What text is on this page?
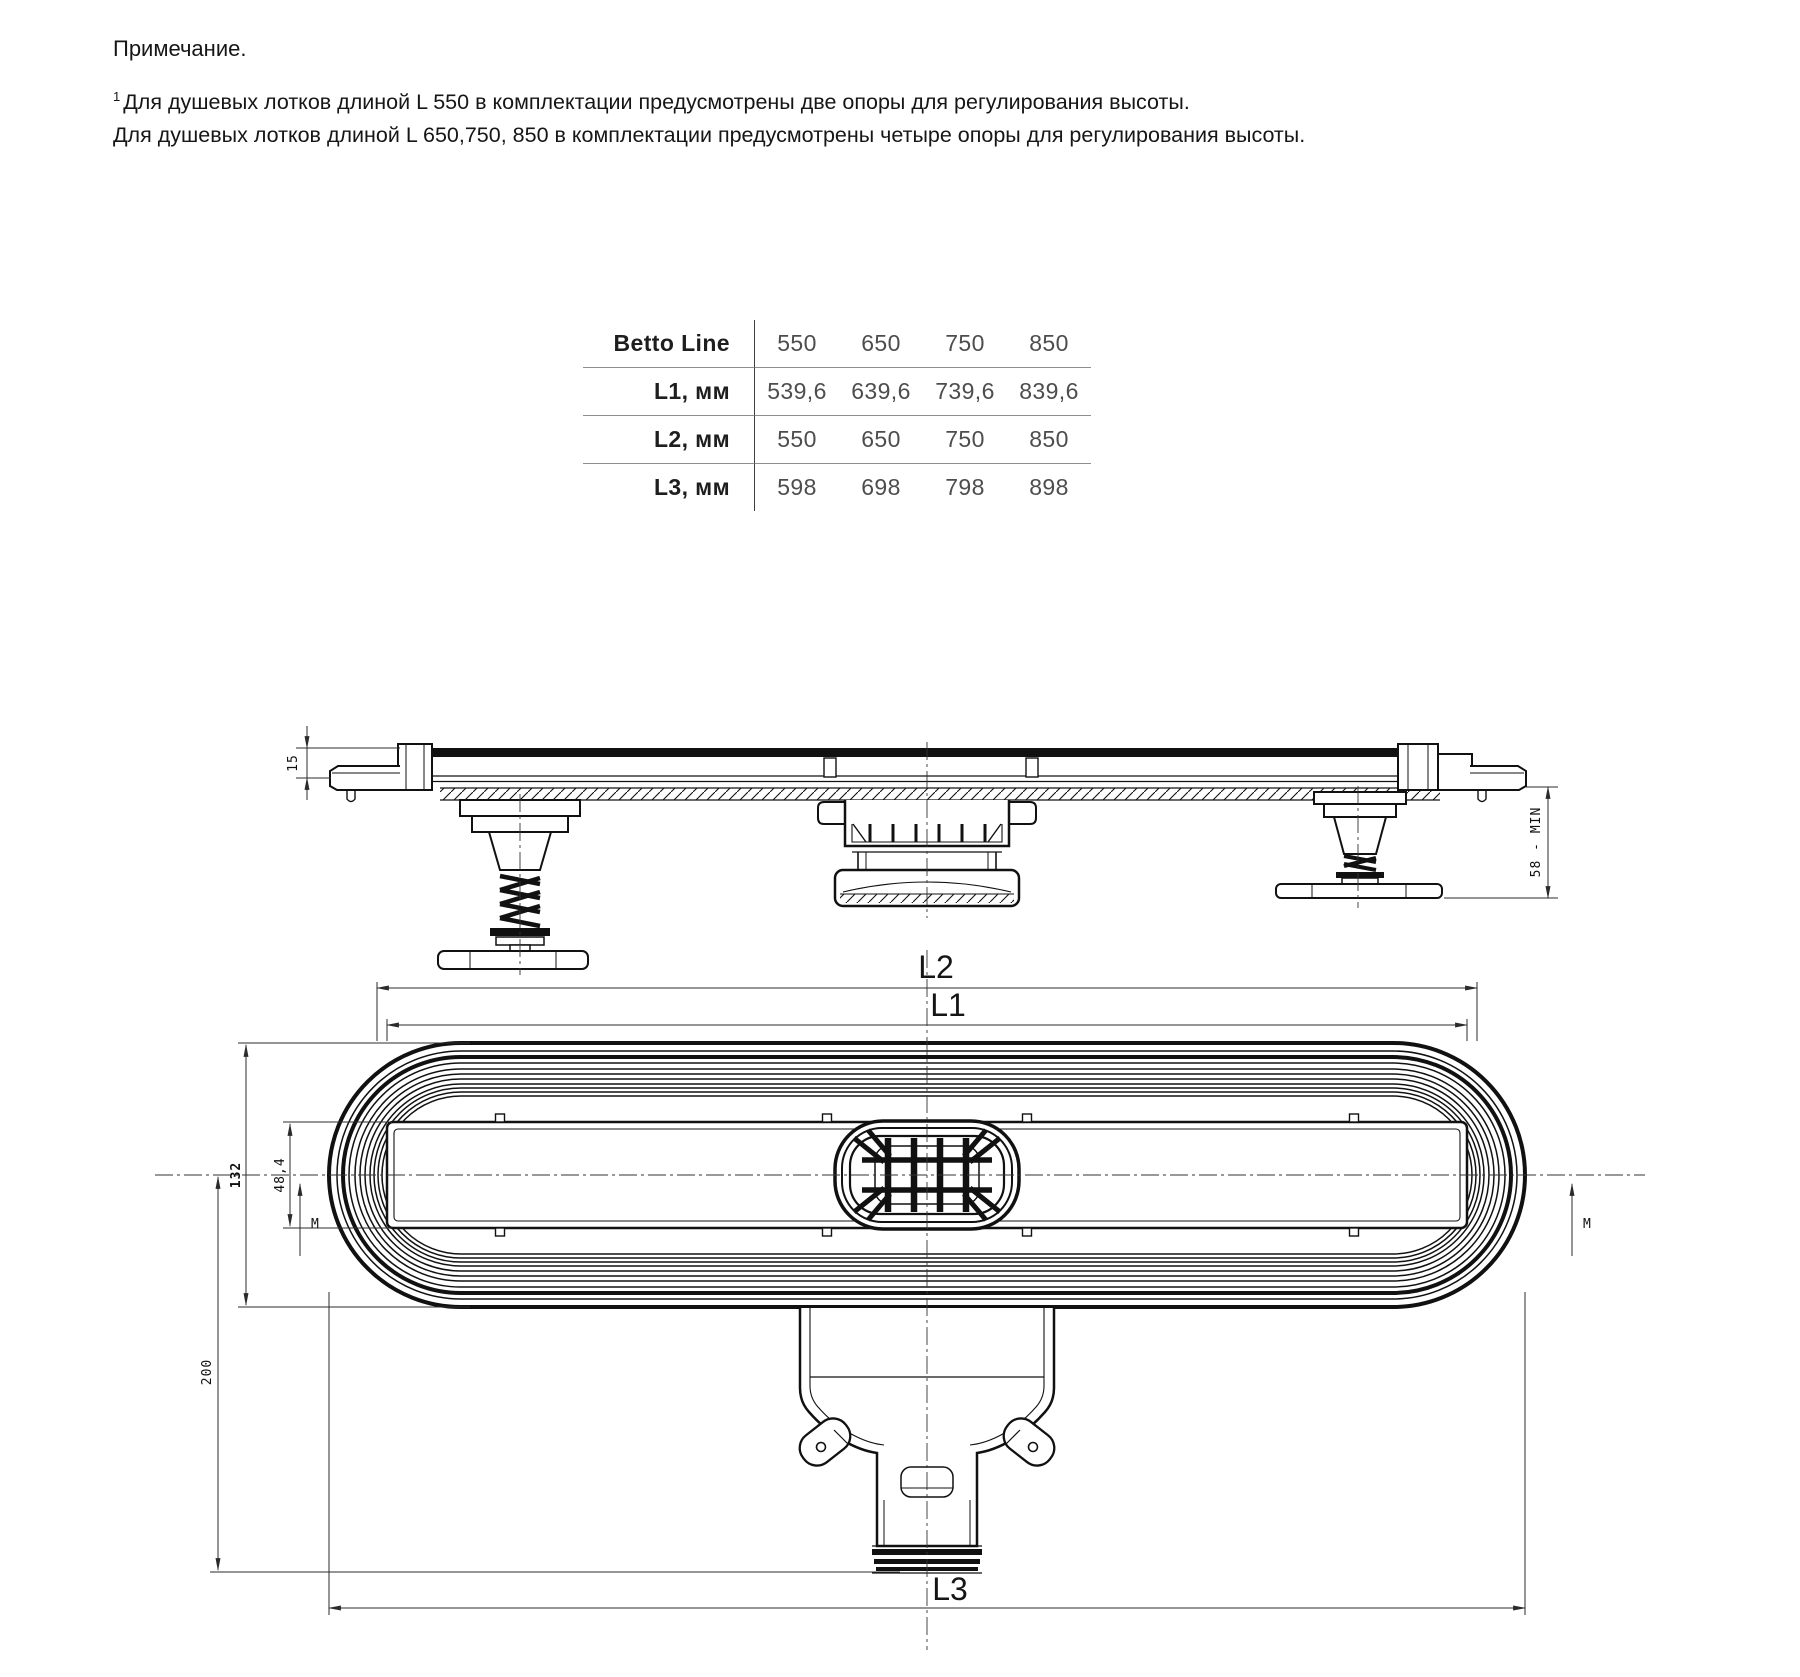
Примечание.
$^1$ Для душевых лотков длиной L 550 в комплектации предусмотрены две опоры для регулирования высоты.
Для душевых лотков длиной L 650,750, 850 в комплектации предусмотрены четыре опоры для регулирования высоты.
Betto Line	550	650	750	850
L1, мм	539,6	639,6	739,6	839,6
L2, мм	550	650	750	850
L3, мм	598	698	798	898
15
58 - MIN
L2
L1
L3
132 48,4
200
M	M
